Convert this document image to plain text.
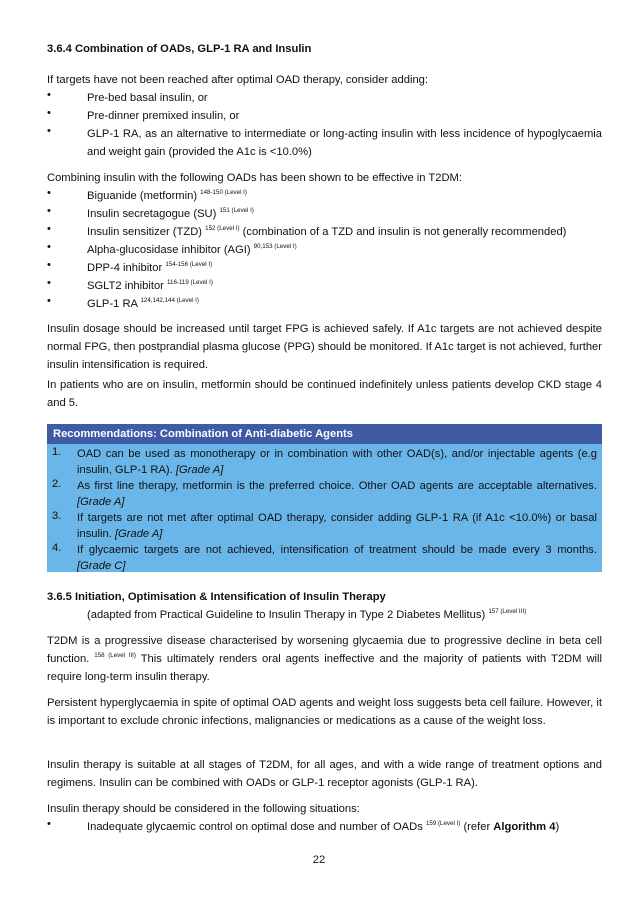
3.6.4 Combination of OADs, GLP-1 RA and Insulin
If targets have not been reached after optimal OAD therapy, consider adding:
•	Pre-bed basal insulin, or
•	Pre-dinner premixed insulin, or
•	GLP-1 RA, as an alternative to intermediate or long-acting insulin with less incidence of hypoglycaemia and weight gain (provided the A1c is <10.0%)
Combining insulin with the following OADs has been shown to be effective in T2DM:
•	Biguanide (metformin) $^{148-150 (Level I)}$
•	Insulin secretagogue (SU) $^{151 (Level I)}$
•	Insulin sensitizer (TZD) $^{152 (Level I)}$ (combination of a TZD and insulin is not generally recommended)
•	Alpha-glucosidase inhibitor (AGI) $^{90,153 (Level I)}$
•	DPP-4 inhibitor $^{154-156 (Level I)}$
•	SGLT2 inhibitor $^{116-119 (Level I)}$
•	GLP-1 RA $^{124,142,144 (Level I)}$
Insulin dosage should be increased until target FPG is achieved safely. If A1c targets are not achieved despite normal FPG, then postprandial plasma glucose (PPG) should be monitored. If A1c target is not achieved, further insulin intensification is required.
In patients who are on insulin, metformin should be continued indefinitely unless patients develop CKD stage 4 and 5.
Recommendations: Combination of Anti-diabetic Agents
1. OAD can be used as monotherapy or in combination with other OAD(s), and/or injectable agents (e.g insulin, GLP-1 RA). [Grade A]
2. As first line therapy, metformin is the preferred choice. Other OAD agents are acceptable alternatives. [Grade A]
3. If targets are not met after optimal OAD therapy, consider adding GLP-1 RA (if A1c <10.0%) or basal insulin. [Grade A]
4. If glycaemic targets are not achieved, intensification of treatment should be made every 3 months. [Grade C]
3.6.5 Initiation, Optimisation & Intensification of Insulin Therapy
(adapted from Practical Guideline to Insulin Therapy in Type 2 Diabetes Mellitus) $^{157 (Level III)}$
T2DM is a progressive disease characterised by worsening glycaemia due to progressive decline in beta cell function. $^{158 (Level III)}$ This ultimately renders oral agents ineffective and the majority of patients with T2DM will require long-term insulin therapy.
Persistent hyperglycaemia in spite of optimal OAD agents and weight loss suggests beta cell failure. However, it is important to exclude chronic infections, malignancies or medications as a cause of the weight loss.
Insulin therapy is suitable at all stages of T2DM, for all ages, and with a wide range of treatment options and regimens. Insulin can be combined with OADs or GLP-1 receptor agonists (GLP-1 RA).
Insulin therapy should be considered in the following situations:
•	Inadequate glycaemic control on optimal dose and number of OADs $^{159 (Level I)}$ (refer Algorithm 4)
22
